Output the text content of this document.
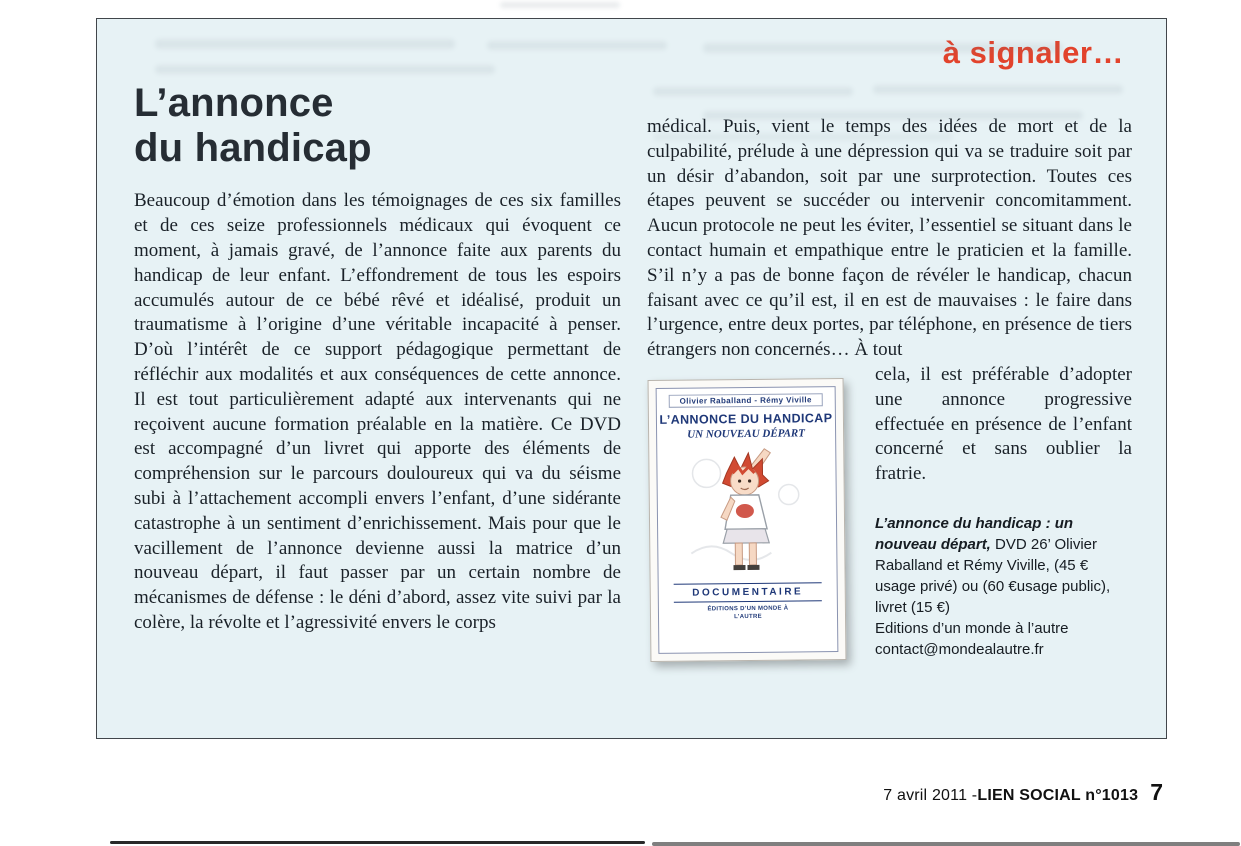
à signaler…
L’annonce
du handicap

Beaucoup d’émotion dans les témoignages de ces six familles et de ces seize professionnels médicaux qui évoquent ce moment, à jamais gravé, de l’annonce faite aux parents du handicap de leur enfant. L’effondrement de tous les espoirs accumulés autour de ce bébé rêvé et idéalisé, produit un traumatisme à l’origine d’une véritable incapacité à penser. D’où l’intérêt de ce support pédagogique permettant de réfléchir aux modalités et aux conséquences de cette annonce. Il est tout particulièrement adapté aux intervenants qui ne reçoivent aucune formation préalable en la matière. Ce DVD est accompagné d’un livret qui apporte des éléments de compréhension sur le parcours douloureux qui va du séisme subi à l’attachement accompli envers l’enfant, d’une sidérante catastrophe à un sentiment d’enrichissement. Mais pour que le vacillement de l’annonce devienne aussi la matrice d’un nouveau départ, il faut passer par un certain nombre de mécanismes de défense : le déni d’abord, assez vite suivi par la colère, la révolte et l’agressivité envers le corps

médical. Puis, vient le temps des idées de mort et de la culpabilité, prélude à une dépression qui va se traduire soit par un désir d’abandon, soit par une surprotection. Toutes ces étapes peuvent se succéder ou intervenir concomitamment. Aucun protocole ne peut les éviter, l’essentiel se situant dans le contact humain et empathique entre le praticien et la famille. S’il n’y a pas de bonne façon de révéler le handicap, chacun faisant avec ce qu’il est, il en est de mauvaises : le faire dans l’urgence, entre deux portes, par téléphone, en présence de tiers étrangers non concernés… À tout

Olivier Raballand - Rémy Viville
L’ANNONCE DU HANDICAP
UN NOUVEAU DÉPART
DOCUMENTAIRE
ÉDITIONS D’UN MONDE À L’AUTRE

cela, il est préférable d’adopter une annonce progressive effectuée en présence de l’enfant concerné et sans oublier la fratrie.

L’annonce du handicap : un nouveau départ, DVD 26’ Olivier Raballand et Rémy Viville, (45 € usage privé) ou (60 €usage public), livret (15 €)
Editions d’un monde à l’autre
contact@mondealautre.fr
7 avril 2011 - LIEN SOCIAL n°1013 7
